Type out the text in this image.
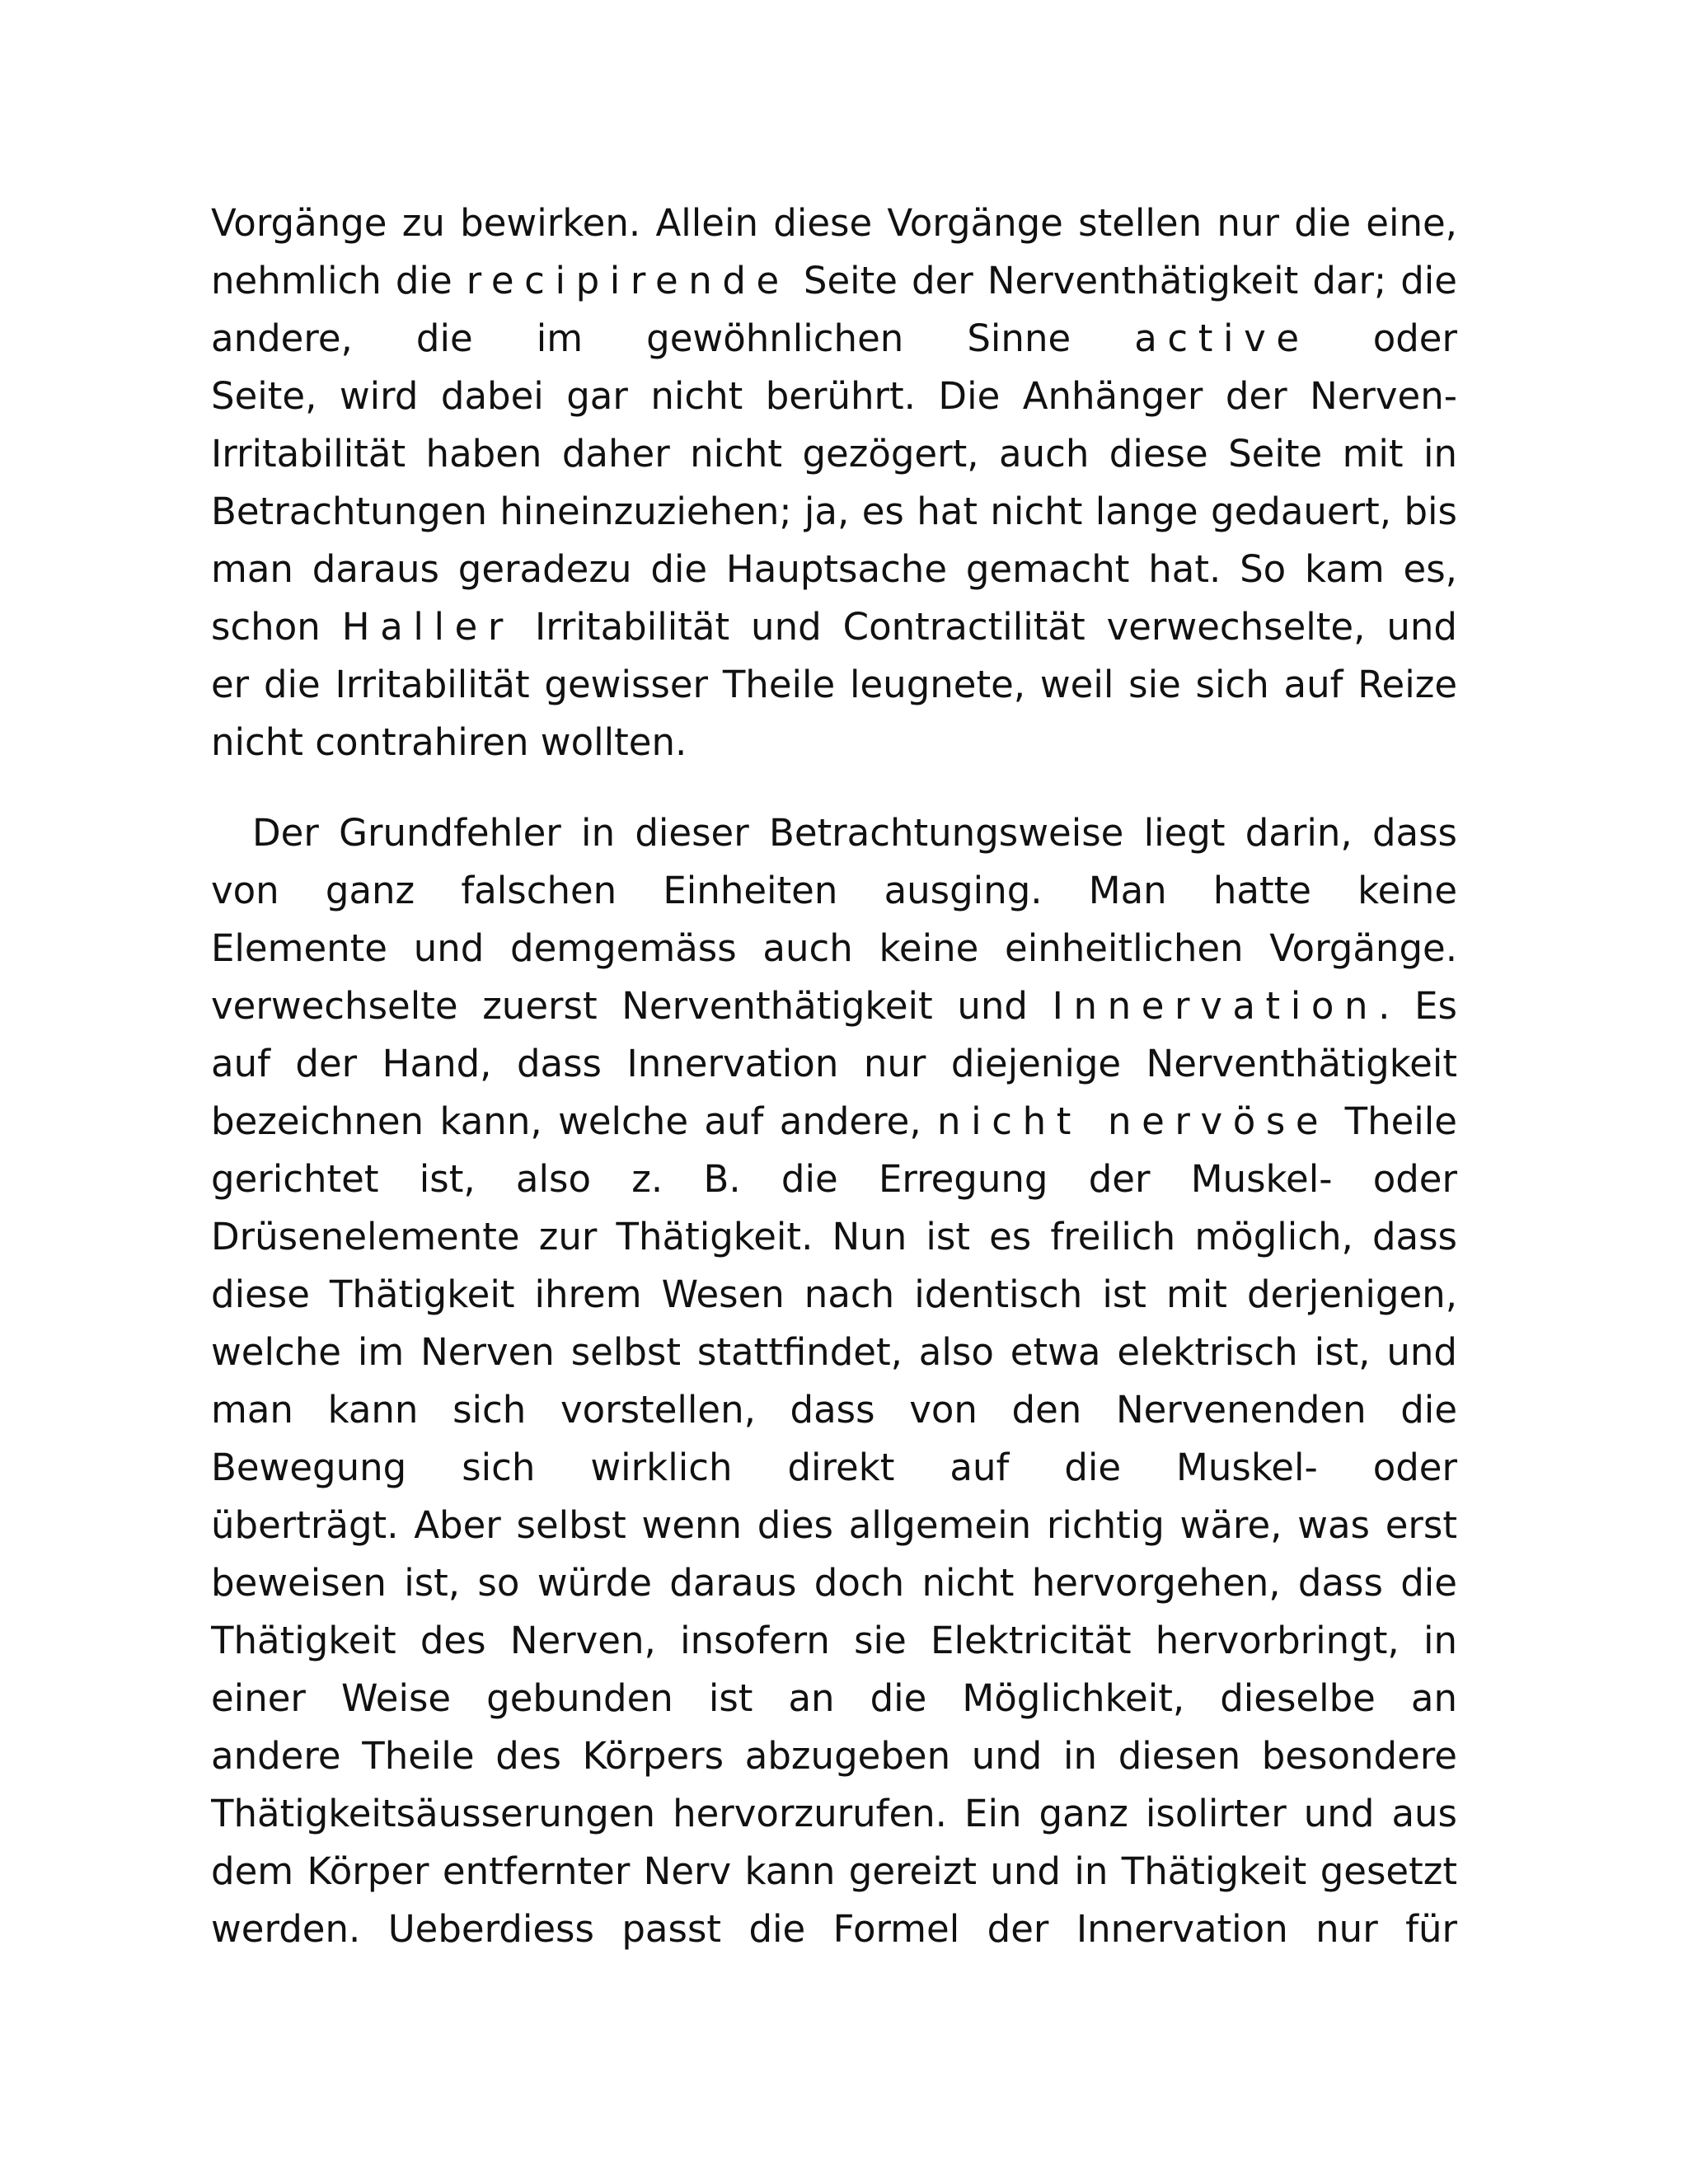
Vorgänge zu bewirken. Allein diese Vorgänge stellen nur die eine,
nehmlich die recipirende Seite der Nerventhätigkeit dar; die
andere, die im gewöhnlichen Sinne active oder
Seite, wird dabei gar nicht berührt. Die Anhänger der Nerven-
Irritabilität haben daher nicht gezögert, auch diese Seite mit in
Betrachtungen hineinzuziehen; ja, es hat nicht lange gedauert, bis
man daraus geradezu die Hauptsache gemacht hat. So kam es,
schon Haller Irritabilität und Contractilität verwechselte, und
er die Irritabilität gewisser Theile leugnete, weil sie sich auf Reize
nicht contrahiren wollten.
Der Grundfehler in dieser Betrachtungsweise liegt darin, dass
von ganz falschen Einheiten ausging. Man hatte keine
Elemente und demgemäss auch keine einheitlichen Vorgänge.
verwechselte zuerst Nerventhätigkeit und Innervation. Es
auf der Hand, dass Innervation nur diejenige Nerventhätigkeit
bezeichnen kann, welche auf andere, nicht nervöse Theile
gerichtet ist, also z. B. die Erregung der Muskel- oder
Drüsenelemente zur Thätigkeit. Nun ist es freilich möglich, dass
diese Thätigkeit ihrem Wesen nach identisch ist mit derjenigen,
welche im Nerven selbst stattfindet, also etwa elektrisch ist, und
man kann sich vorstellen, dass von den Nervenenden die
Bewegung sich wirklich direkt auf die Muskel- oder
überträgt. Aber selbst wenn dies allgemein richtig wäre, was erst
beweisen ist, so würde daraus doch nicht hervorgehen, dass die
Thätigkeit des Nerven, insofern sie Elektricität hervorbringt, in
einer Weise gebunden ist an die Möglichkeit, dieselbe an
andere Theile des Körpers abzugeben und in diesen besondere
Thätigkeitsäusserungen hervorzurufen. Ein ganz isolirter und aus
dem Körper entfernter Nerv kann gereizt und in Thätigkeit gesetzt
werden. Ueberdiess passt die Formel der Innervation nur für
